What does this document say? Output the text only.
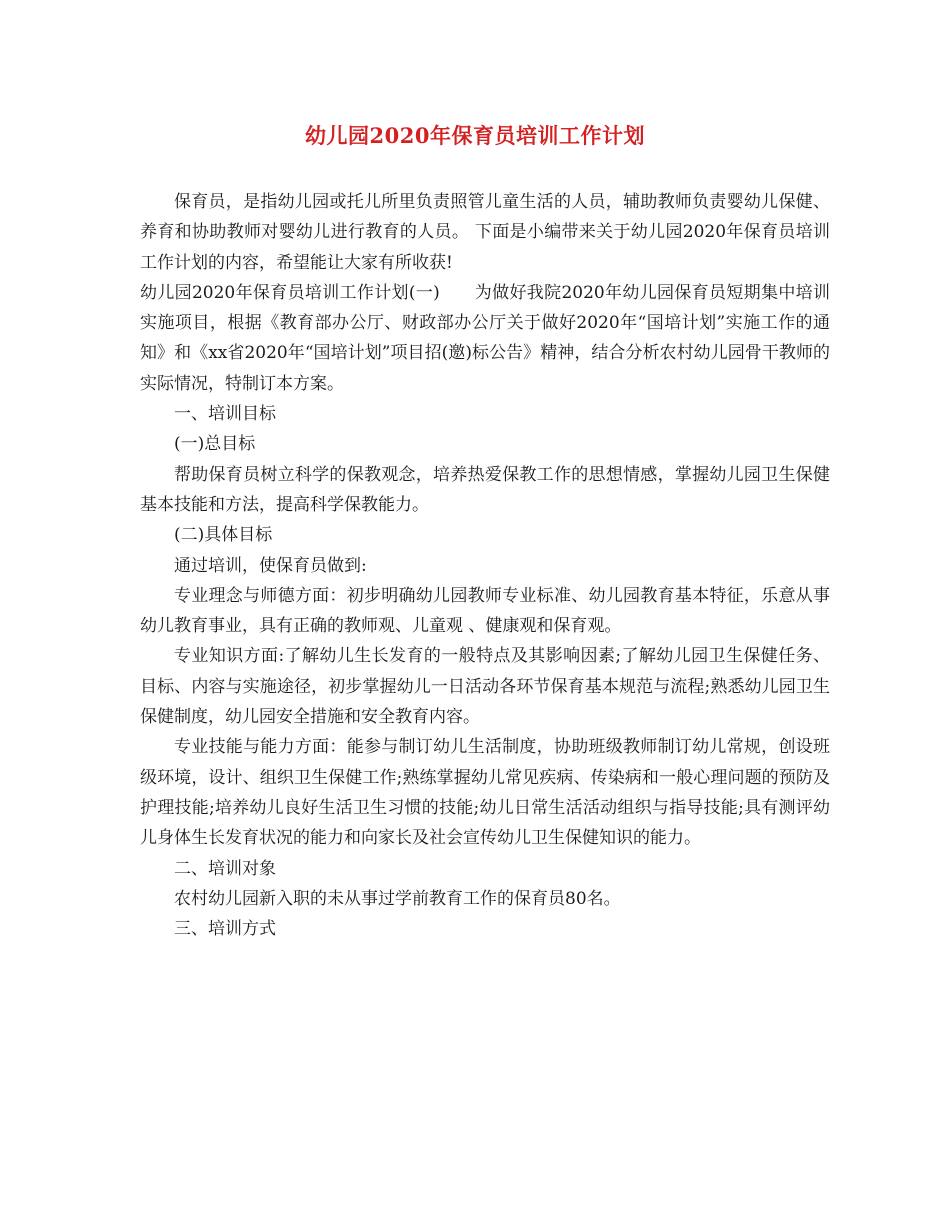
幼儿园2020年保育员培训工作计划

保育员，是指幼儿园或托儿所里负责照管儿童生活的人员，辅助教师负责婴幼儿保健、养育和协助教师对婴幼儿进行教育的人员。 下面是小编带来关于幼儿园2020年保育员培训工作计划的内容，希望能让大家有所收获!

幼儿园2020年保育员培训工作计划(一)　　为做好我院2020年幼儿园保育员短期集中培训实施项目，根据《教育部办公厅、财政部办公厅关于做好2020年“国培计划”实施工作的通知》和《xx省2020年“国培计划”项目招(邀)标公告》精神，结合分析农村幼儿园骨干教师的实际情况，特制订本方案。

一、培训目标

(一)总目标

帮助保育员树立科学的保教观念，培养热爱保教工作的思想情感，掌握幼儿园卫生保健基本技能和方法，提高科学保教能力。

(二)具体目标

通过培训，使保育员做到:

专业理念与师德方面：初步明确幼儿园教师专业标准、幼儿园教育基本特征，乐意从事幼儿教育事业，具有正确的教师观、儿童观 、健康观和保育观。

专业知识方面:了解幼儿生长发育的一般特点及其影响因素;了解幼儿园卫生保健任务、目标、内容与实施途径，初步掌握幼儿一日活动各环节保育基本规范与流程;熟悉幼儿园卫生保健制度，幼儿园安全措施和安全教育内容。

专业技能与能力方面：能参与制订幼儿生活制度，协助班级教师制订幼儿常规，创设班级环境，设计、组织卫生保健工作;熟练掌握幼儿常见疾病、传染病和一般心理问题的预防及护理技能;培养幼儿良好生活卫生习惯的技能;幼儿日常生活活动组织与指导技能;具有测评幼儿身体生长发育状况的能力和向家长及社会宣传幼儿卫生保健知识的能力。

二、培训对象

农村幼儿园新入职的未从事过学前教育工作的保育员80名。

三、培训方式
